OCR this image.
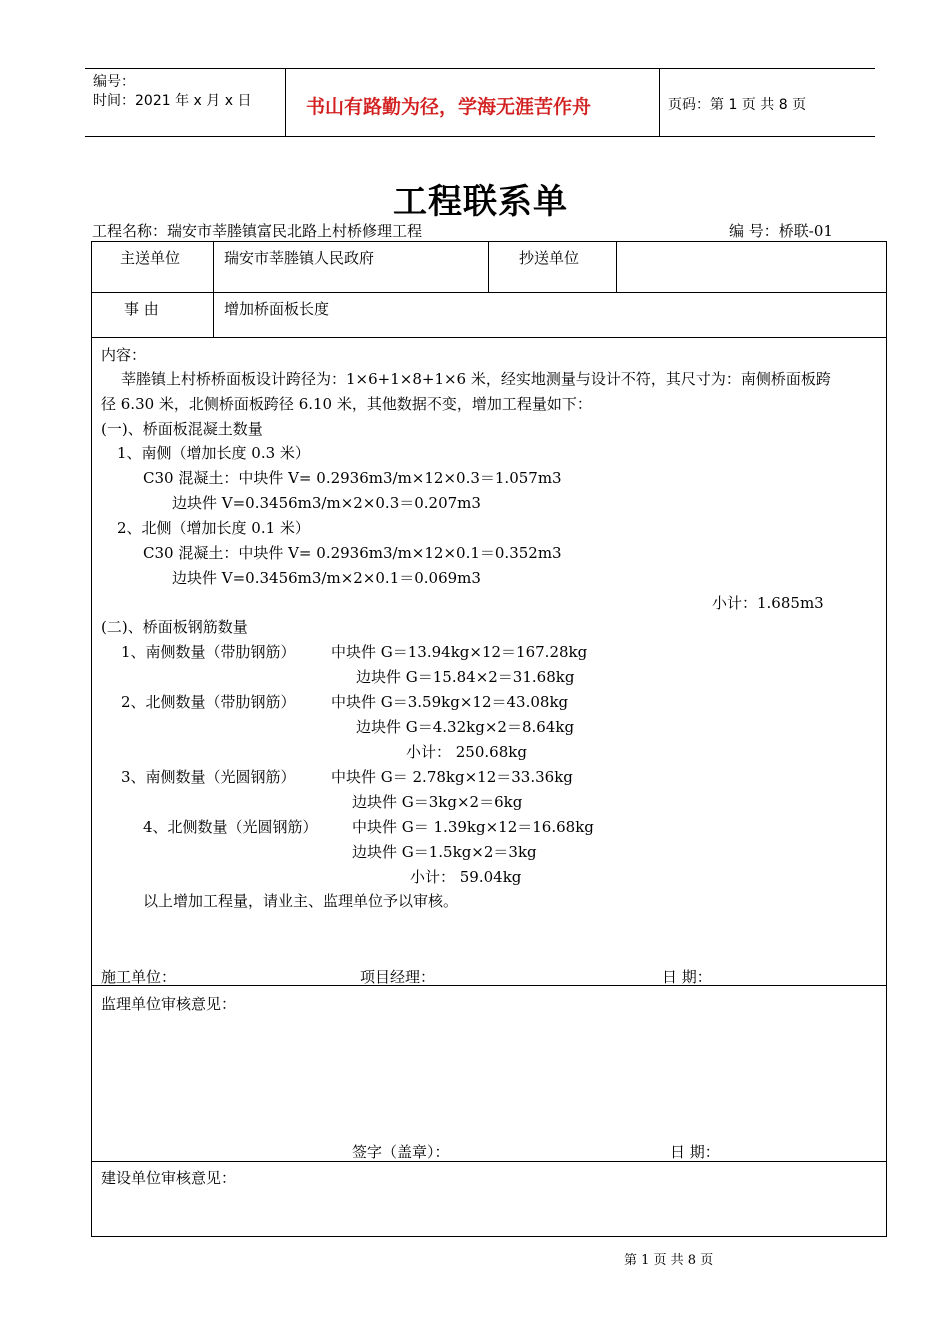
编号：
时间：2021 年 x 月 x 日	书山有路勤为径，学海无涯苦作舟	页码：第 1 页 共 8 页
工程联系单
工程名称：瑞安市莘塍镇富民北路上村桥修理工程	编 号：桥联-01
主送单位	瑞安市莘塍镇人民政府	抄送单位
事 由	增加桥面板长度
内容：
莘塍镇上村桥桥面板设计跨径为：1×6+1×8+1×6 米，经实地测量与设计不符，其尺寸为：南侧桥面板跨
径 6.30 米，北侧桥面板跨径 6.10 米，其他数据不变，增加工程量如下：
(一)、桥面板混凝土数量
1、南侧（增加长度 0.3 米）
C30 混凝土：中块件 V= 0.2936m3/m×12×0.3＝1.057m3
边块件 V=0.3456m3/m×2×0.3＝0.207m3
2、北侧（增加长度 0.1 米）
C30 混凝土：中块件 V= 0.2936m3/m×12×0.1＝0.352m3
边块件 V=0.3456m3/m×2×0.1＝0.069m3
小计：1.685m3
(二)、桥面板钢筋数量
1、南侧数量（带肋钢筋） 中块件 G＝13.94kg×12＝167.28kg
边块件 G＝15.84×2＝31.68kg
2、北侧数量（带肋钢筋） 中块件 G＝3.59kg×12＝43.08kg
边块件 G＝4.32kg×2＝8.64kg
小计： 250.68kg
3、南侧数量（光圆钢筋） 中块件 G＝ 2.78kg×12＝33.36kg
边块件 G＝3kg×2＝6kg
4、北侧数量（光圆钢筋） 中块件 G＝ 1.39kg×12＝16.68kg
边块件 G＝1.5kg×2＝3kg
小计： 59.04kg
以上增加工程量，请业主、监理单位予以审核。
施工单位：	项目经理：	日 期：
监理单位审核意见：
签字（盖章）：	日 期：
建设单位审核意见：
第 1 页 共 8 页
